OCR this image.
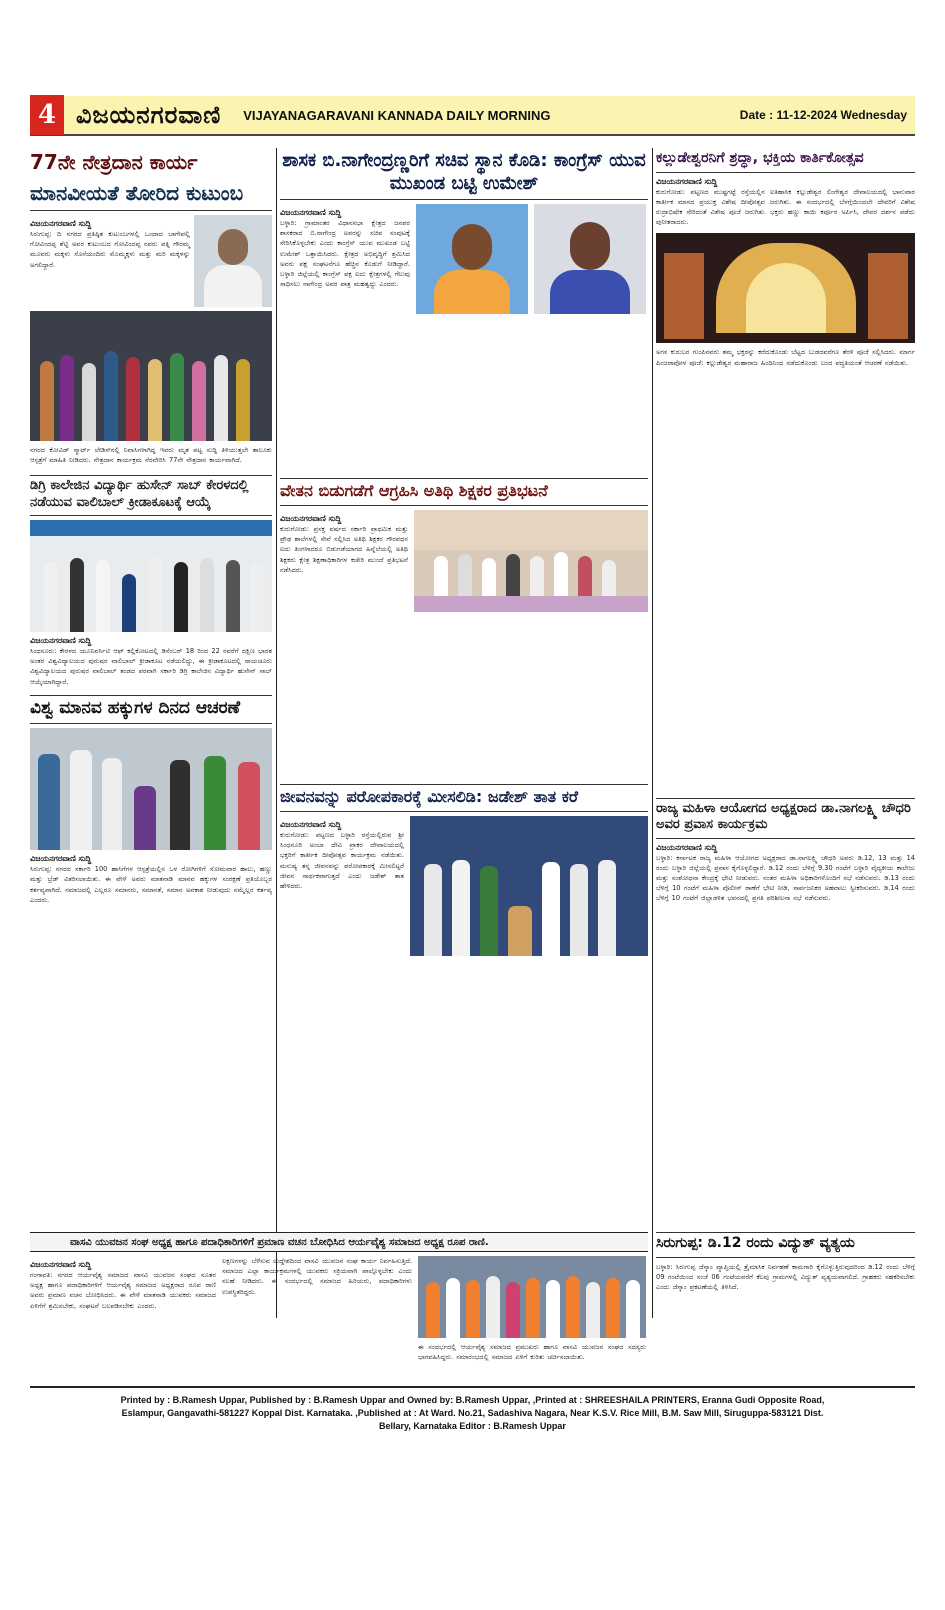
4 ವಿಜಯನಗರವಾಣಿ VIJAYANAGARAVANI KANNADA DAILY MORNING	Date : 11-12-2024 Wednesday
77ನೇ ನೇತ್ರದಾನ ಕಾರ್ಯ
ಮಾನವೀಯತೆ ತೋರಿದ ಕುಟುಂಬ
ವಿಜಯನಗರವಾಣಿ ಸುದ್ದಿ

ಸಿರುಗುಪ್ಪ: ದಿ ನಗರದ ಪ್ರತಿಷ್ಠಿತ ಕುಟುಂಬಗಳಲ್ಲಿ ಒಂದಾದ ಬಾಗೇಪಲ್ಲಿ ಗೋವಿಂದಪ್ಪ ಶೆಟ್ಟಿ ಅವರ ಕುಟುಂಬದ ಗೋವಿಂದಪ್ಪ ನವರು ಪತ್ನಿ ಗೌರಮ್ಮ ಮೂವರು ಮಕ್ಕಳು ಸೊಸೆಯಂದಿರು ಮೊಮ್ಮಕ್ಕಳು ಮತ್ತು ಮರಿ ಮಕ್ಕಳನ್ನು ಅಗಲಿದ್ದಾರೆ.

ನಗರದ ಕೋವಿಡ್ ಸ್ಮಾರ್ಟ್ ಲೇಡಿಸ್‌ನಲ್ಲಿ ನಿವಾಸಿಗಳಾಗಿದ್ದ ಇವರು ಮೃತ ಪಟ್ಟ ಸುದ್ದಿ ತಿಳಿಯುತ್ತಲೇ ತಾಲೂಕು ಆಸ್ಪತ್ರೆಗೆ ಮಾಹಿತಿ ನೀಡಿದರು. ನೇತ್ರದಾನ ಕಾರ್ಯಕ್ರಮ ನೆರವೇರಿಸಿ 77ನೇ ನೇತ್ರದಾನ ಕಾರ್ಯವಾಗಿದೆ.

ಡಿಗ್ರಿ ಕಾಲೇಜಿನ ವಿದ್ಯಾರ್ಥಿ ಹುಸೇನ್ ಸಾಬ್ ಕೇರಳದಲ್ಲಿ ನಡೆಯುವ ವಾಲಿಬಾಲ್ ಕ್ರೀಡಾಕೂಟಕ್ಕೆ ಆಯ್ಕೆ
ವಿಜಯನಗರವಾಣಿ ಸುದ್ದಿ

ಸಿಂಧನೂರು: ಕೇರಳದ ಯೂನಿವರ್ಸಿಟಿ ಆಫ್ ಕಲ್ಲಿಕೋಟದಲ್ಲಿ ಡಿಸೆಂಬರ್ 18 ರಿಂದ 22 ರವರೆಗೆ ದಕ್ಷಿಣ ಭಾರತ ಅಂತರ ವಿಶ್ವವಿದ್ಯಾಲಯದ ಪುರುಷರ ವಾಲಿಬಾಲ್ ಕ್ರೀಡಾಕೂಟ ನಡೆಯಲಿದ್ದು, ಈ ಕ್ರೀಡಾಕೂಟದಲ್ಲಿ ರಾಯಚೂರು ವಿಶ್ವವಿದ್ಯಾಲಯದ ಪುರುಷರ ವಾಲಿಬಾಲ್ ತಂಡದ ಪರವಾಗಿ ಸರ್ಕಾರಿ ಡಿಗ್ರಿ ಕಾಲೇಜಿನ ವಿದ್ಯಾರ್ಥಿ ಹುಸೇನ್ ಸಾಬ್ ಆಯ್ಕೆಯಾಗಿದ್ದಾರೆ.

ವಿಶ್ವ ಮಾನವ ಹಕ್ಕುಗಳ ದಿನದ ಆಚರಣೆ
ವಿಜಯನಗರವಾಣಿ ಸುದ್ದಿ

ಸಿರುಗುಪ್ಪ: ನಗರದ ಸರ್ಕಾರಿ 100 ಹಾಸಿಗೆಗಳ ಆಸ್ಪತ್ರೆಯಲ್ಲಿನ ಒಳ ರೋಗಿಗಳಿಗೆ ಸೋಮವಾರ ಹಾಲು, ಹಣ್ಣು ಮತ್ತು ಬ್ರೆಡ್ ವಿತರಿಸಲಾಯಿತು. ಈ ವೇಳೆ ಅವರು ಮಾತನಾಡಿ ಮಾನವ ಹಕ್ಕುಗಳ ಸಂರಕ್ಷಣೆ ಪ್ರತಿಯೊಬ್ಬರ ಕರ್ತವ್ಯವಾಗಿದೆ. ಸಮಾಜದಲ್ಲಿ ಎಲ್ಲರೂ ಸಮಾನರು, ಸಮಾನತೆ, ಸಮಾನ ಅವಕಾಶ ನೀಡುವುದು ನಮ್ಮೆಲ್ಲರ ಕರ್ತವ್ಯ ಎಂದರು.

ಶಾಸಕ ಬಿ.ನಾಗೇಂದ್ರಣ್ಣರಿಗೆ ಸಚಿವ ಸ್ಥಾನ ಕೊಡಿ: ಕಾಂಗ್ರೆಸ್ ಯುವ ಮುಖಂಡ ಬಟ್ಟಿ ಉಮೇಶ್
ವಿಜಯನಗರವಾಣಿ ಸುದ್ದಿ

ಬಳ್ಳಾರಿ: ಗ್ರಾಮಾಂತರ ವಿಧಾನಸಭಾ ಕ್ಷೇತ್ರದ ಜನಪರ ಶಾಸಕರಾದ ಬಿ.ನಾಗೇಂದ್ರ ಅವರನ್ನು ಸಚಿವ ಸಂಪುಟಕ್ಕೆ ಸೇರಿಸಿಕೊಳ್ಳಬೇಕು ಎಂದು ಕಾಂಗ್ರೆಸ್ ಯುವ ಮುಖಂಡ ಬಟ್ಟಿ ಉಮೇಶ್ ಒತ್ತಾಯಿಸಿದರು. ಕ್ಷೇತ್ರದ ಅಭಿವೃದ್ಧಿಗೆ ಶ್ರಮಿಸಿದ ಅವರು ಪಕ್ಷ ಸಂಘಟನೆಗೂ ಹೆಚ್ಚಿನ ಕೊಡುಗೆ ನೀಡಿದ್ದಾರೆ. ಬಳ್ಳಾರಿ ಜಿಲ್ಲೆಯಲ್ಲಿ ಕಾಂಗ್ರೆಸ್ ಪಕ್ಷ ಐದು ಕ್ಷೇತ್ರಗಳಲ್ಲಿ ಗೆಲುವು ಸಾಧಿಸಲು ನಾಗೇಂದ್ರ ಅವರ ಪಾತ್ರ ಮಹತ್ವದ್ದು ಎಂದರು.

ವೇತನ ಬಿಡುಗಡೆಗೆ ಆಗ್ರಹಿಸಿ ಅತಿಥಿ ಶಿಕ್ಷಕರ ಪ್ರತಿಭಟನೆ
ವಿಜಯನಗರವಾಣಿ ಸುದ್ದಿ

ಕುರುಗೋಡು: ಪ್ರಸಕ್ತ ವರ್ಷದ ಸರ್ಕಾರಿ ಪ್ರಾಥಮಿಕ ಮತ್ತು ಪ್ರೌಢ ಶಾಲೆಗಳಲ್ಲಿ ಸೇವೆ ಸಲ್ಲಿಸಿದ ಅತಿಥಿ ಶಿಕ್ಷಕರ ಗೌರವಧನ ಐದು ತಿಂಗಳಾದರೂ ಬಿಡುಗಡೆಯಾಗದ ಹಿನ್ನೆಲೆಯಲ್ಲಿ ಅತಿಥಿ ಶಿಕ್ಷಕರು ಕ್ಷೇತ್ರ ಶಿಕ್ಷಣಾಧಿಕಾರಿಗಳ ಕಚೇರಿ ಮುಂದೆ ಪ್ರತಿಭಟನೆ ನಡೆಸಿದರು.

ಜೀವನವನ್ನು ಪರೋಪಕಾರಕ್ಕೆ ಮೀಸಲಿಡಿ: ಜಡೇಶ್ ತಾತ ಕರೆ
ವಿಜಯನಗರವಾಣಿ ಸುದ್ದಿ

ಕುರುಗೋಡು: ಪಟ್ಟಣದ ಬಳ್ಳಾರಿ ರಸ್ತೆಯಲ್ಲಿರುವ ಶ್ರೀ ಸಿಂಧನೂರಿ ಅಂಬಾ ದೇವಿ ಪ್ರಾಕರ ದೇವಾಲಯದಲ್ಲಿ ಭಕ್ತರಿಗೆ ಕಾರ್ತೀಕ ದೀಪೋತ್ಸವ ಕಾರ್ಯಕ್ರಮ ನಡೆಯಿತು. ಮನುಷ್ಯ ತನ್ನ ಜೀವನವನ್ನು ಪರೋಪಕಾರಕ್ಕೆ ಮೀಸಲಿಟ್ಟರೆ ಜೀವನ ಸಾರ್ಥಕವಾಗುತ್ತದೆ ಎಂದು ಜಡೇಶ್ ತಾತ ಹೇಳಿದರು.

ಕಲ್ಲುಡೇಶ್ವರನಿಗೆ ಶ್ರದ್ಧಾ, ಭಕ್ತಿಯ ಕಾರ್ತಿಕೋತ್ಸವ
ವಿಜಯನಗರವಾಣಿ ಸುದ್ದಿ

ಕುರುಗೋಡು: ಪಟ್ಟಣದ ಮುಷ್ಟಗಟ್ಟೆ ರಸ್ತೆಯಲ್ಲಿನ ಐತಿಹಾಸಿಕ ಕಲ್ಲುಡೇಶ್ವರ ಲಿಂಗೇಶ್ವರ ದೇವಾಲಯದಲ್ಲಿ ಭಾನುವಾರ ಕಾರ್ತೀಕ ಮಾಸದ ಪ್ರಯುಕ್ತ ವಿಶೇಷ ದೀಪೋತ್ಸವ ಜರುಗಿತು. ಈ ಸಂದರ್ಭದಲ್ಲಿ ಬೆಳಗ್ಗೆಯಿಂದಲೇ ದೇವರಿಗೆ ವಿಶೇಷ ರುದ್ರಾಭಿಷೇಕ ಸೇರಿದಂತೆ ವಿಶೇಷ ಪೂಜೆ ಜರುಗಿತು. ಭಕ್ತರು ಹಣ್ಣು ಕಾಯಿ ಕರ್ಪೂರ ಅರ್ಪಿಸಿ, ದೇವರ ದರ್ಶನ ಪಡೆದು ಪುನೀತರಾದರು.

ಅಗಸ ಕುರುಬರ ಗುಂಪಿನವರು ತಮ್ಮ ಭಕ್ತರನ್ನು ಕರೆದುಕೊಂಡು ಬೆಟ್ಟದ ಬುಡದವರೆಗೂ ತೆರಳಿ ಪೂಜೆ ಸಲ್ಲಿಸಿದರು. ಮಾರ್ಗ ಪಿಂಜರಾಪೋಳ ಪೂಜೆ: ಕಲ್ಲುಡೇಶ್ವರ ಮಹಾರಾಜ ಹಿಂದಿನಿಂದ ನಡೆದುಕೊಂಡು ಬಂದ ಪದ್ಧತಿಯಂತೆ ಆಚರಣೆ ನಡೆಯಿತು.

ರಾಜ್ಯ ಮಹಿಳಾ ಆಯೋಗದ ಅಧ್ಯಕ್ಷರಾದ ಡಾ.ನಾಗಲಕ್ಷ್ಮಿ ಚೌಧರಿ ಅವರ ಪ್ರವಾಸ ಕಾರ್ಯಕ್ರಮ
ವಿಜಯನಗರವಾಣಿ ಸುದ್ದಿ

ಬಳ್ಳಾರಿ: ಕರ್ನಾಟಕ ರಾಜ್ಯ ಮಹಿಳಾ ಆಯೋಗದ ಅಧ್ಯಕ್ಷರಾದ ಡಾ.ನಾಗಲಕ್ಷ್ಮಿ ಚೌಧರಿ ಅವರು ಡಿ.12, 13 ಮತ್ತು 14 ರಂದು ಬಳ್ಳಾರಿ ಜಿಲ್ಲೆಯಲ್ಲಿ ಪ್ರವಾಸ ಕೈಗೊಳ್ಳಲಿದ್ದಾರೆ. ಡಿ.12 ರಂದು ಬೆಳಿಗ್ಗೆ 9.30 ಗಂಟೆಗೆ ಬಳ್ಳಾರಿ ವೈದ್ಯಕೀಯ ಕಾಲೇಜು ಮತ್ತು ಸಂಶೋಧನಾ ಕೇಂದ್ರಕ್ಕೆ ಭೇಟಿ ನೀಡುವರು. ನಂತರ ಮಹಿಳಾ ಅಧಿಕಾರಿಗಳೊಂದಿಗೆ ಸಭೆ ನಡೆಸುವರು. ಡಿ.13 ರಂದು ಬೆಳಿಗ್ಗೆ 10 ಗಂಟೆಗೆ ಮಹಿಳಾ ಪೊಲೀಸ್ ಠಾಣೆಗೆ ಭೇಟಿ ನೀಡಿ, ಸಾರ್ವಜನಿಕರ ಅಹವಾಲು ಸ್ವೀಕರಿಸುವರು. ಡಿ.14 ರಂದು ಬೆಳಿಗ್ಗೆ 10 ಗಂಟೆಗೆ ಜಿಲ್ಲಾಡಳಿತ ಭವನದಲ್ಲಿ ಪ್ರಗತಿ ಪರಿಶೀಲನಾ ಸಭೆ ನಡೆಸುವರು.

ಸಿರುಗುಪ್ಪ: ಡಿ.12 ರಂದು ವಿದ್ಯುತ್ ವ್ಯತ್ಯಯ

ಬಳ್ಳಾರಿ: ಸಿರುಗುಪ್ಪ ಜೆಸ್ಕಾಂ ವ್ಯಾಪ್ತಿಯಲ್ಲಿ ತ್ರೈಮಾಸಿಕ ನಿರ್ವಹಣೆ ಕಾಮಗಾರಿ ಕೈಗೊಳ್ಳುತ್ತಿರುವುದರಿಂದ ಡಿ.12 ರಂದು ಬೆಳಿಗ್ಗೆ 09 ಗಂಟೆಯಿಂದ ಸಂಜೆ 06 ಗಂಟೆಯವರೆಗೆ ಕೆಲವು ಗ್ರಾಮಗಳಲ್ಲಿ ವಿದ್ಯುತ್ ವ್ಯತ್ಯಯವಾಗಲಿದೆ. ಗ್ರಾಹಕರು ಸಹಕರಿಸಬೇಕು ಎಂದು ಜೆಸ್ಕಾಂ ಪ್ರಕಟಣೆಯಲ್ಲಿ ತಿಳಿಸಿದೆ.

ವಾಸವಿ ಯುವಜನ ಸಂಘ ಅಧ್ಯಕ್ಷ ಹಾಗೂ ಪದಾಧಿಕಾರಿಗಳಿಗೆ ಪ್ರಮಾಣ ವಚನ ಬೋಧಿಸಿದ ಆರ್ಯವೈಶ್ಯ ಸಮಾಜದ ಅಧ್ಯಕ್ಷ ರೂಪ ರಾಣಿ.
ವಿಜಯನಗರವಾಣಿ ಸುದ್ದಿ

ಗಂಗಾವತಿ: ನಗರದ ಆರ್ಯವೈಶ್ಯ ಸಮಾಜದ ವಾಸವಿ ಯುವಜನ ಸಂಘದ ನೂತನ ಅಧ್ಯಕ್ಷ ಹಾಗೂ ಪದಾಧಿಕಾರಿಗಳಿಗೆ ಆರ್ಯವೈಶ್ಯ ಸಮಾಜದ ಅಧ್ಯಕ್ಷರಾದ ರೂಪ ರಾಣಿ ಅವರು ಪ್ರಮಾಣ ವಚನ ಬೋಧಿಸಿದರು. ಈ ವೇಳೆ ಮಾತನಾಡಿ ಯುವಕರು ಸಮಾಜದ ಏಳಿಗೆಗೆ ಶ್ರಮಿಸಬೇಕು, ಸಂಘಟನೆ ಬಲಪಡಿಸಬೇಕು ಎಂದರು.

ಲಕ್ಷಣಗಳನ್ನು ಬೆಳೆಸುವ ಉದ್ದೇಶದಿಂದ ವಾಸವಿ ಯುವಜನ ಸಂಘ ಕಾರ್ಯ ನಿರ್ವಹಿಸುತ್ತಿದೆ. ಸಮಾಜದ ಎಲ್ಲಾ ಕಾರ್ಯಕ್ರಮಗಳಲ್ಲಿ ಯುವಕರು ಸಕ್ರಿಯವಾಗಿ ಪಾಲ್ಗೊಳ್ಳಬೇಕು ಎಂದು ಸಲಹೆ ನೀಡಿದರು. ಈ ಸಂದರ್ಭದಲ್ಲಿ ಸಮಾಜದ ಹಿರಿಯರು, ಪದಾಧಿಕಾರಿಗಳು ಉಪಸ್ಥಿತರಿದ್ದರು.

ಈ ಸಂದರ್ಭದಲ್ಲಿ ಆರ್ಯವೈಶ್ಯ ಸಮಾಜದ ಪ್ರಮುಖರು ಹಾಗೂ ವಾಸವಿ ಯುವಜನ ಸಂಘದ ಸದಸ್ಯರು ಭಾಗವಹಿಸಿದ್ದರು. ಸಮಾರಂಭದಲ್ಲಿ ಸಮಾಜದ ಏಳಿಗೆ ಕುರಿತು ಚರ್ಚಿಸಲಾಯಿತು.

Printed by : B.Ramesh Uppar, Published by : B.Ramesh Uppar and Owned by: B.Ramesh Uppar, ,Printed at : SHREESHAILA PRINTERS, Eranna Gudi Opposite Road,
Eslampur, Gangavathi-581227 Koppal Dist. Karnataka. ,Published at : At Ward. No.21, Sadashiva Nagara, Near K.S.V. Rice Mill, B.M. Saw Mill, Siruguppa-583121 Dist.
Bellary, Karnataka Editor : B.Ramesh Uppar
